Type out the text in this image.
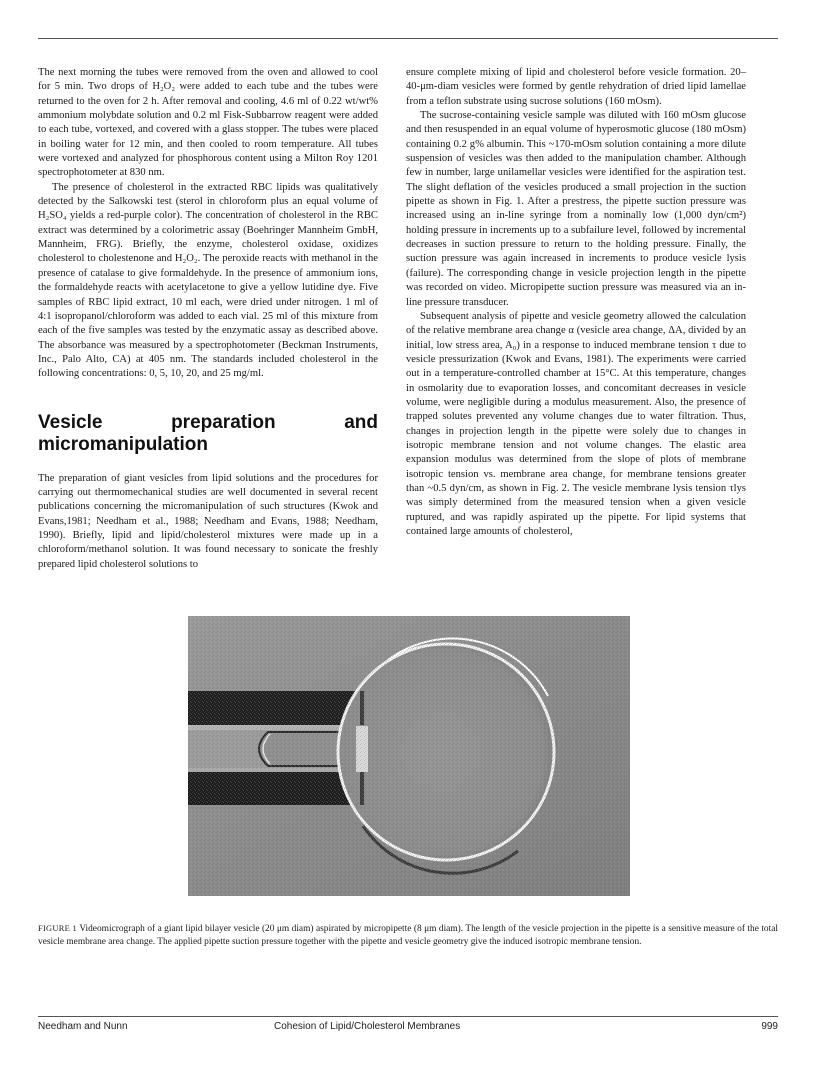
The next morning the tubes were removed from the oven and allowed to cool for 5 min. Two drops of H₂O₂ were added to each tube and the tubes were returned to the oven for 2 h. After removal and cooling, 4.6 ml of 0.22 wt/wt% ammonium molybdate solution and 0.2 ml Fisk-Subbarrow reagent were added to each tube, vortexed, and covered with a glass stopper. The tubes were placed in boiling water for 12 min, and then cooled to room temperature. All tubes were vortexed and analyzed for phosphorous content using a Milton Roy 1201 spectrophotometer at 830 nm.

The presence of cholesterol in the extracted RBC lipids was qualitatively detected by the Salkowski test (sterol in chloroform plus an equal volume of H₂SO₄ yields a red-purple color). The concentration of cholesterol in the RBC extract was determined by a colorimetric assay (Boehringer Mannheim GmbH, Mannheim, FRG). Briefly, the enzyme, cholesterol oxidase, oxidizes cholesterol to cholestenone and H₂O₂. The peroxide reacts with methanol in the presence of catalase to give formaldehyde. In the presence of ammonium ions, the formaldehyde reacts with acetylacetone to give a yellow lutidine dye. Five samples of RBC lipid extract, 10 ml each, were dried under nitrogen. 1 ml of 4:1 isopropanol/chloroform was added to each vial. 25 ml of this mixture from each of the five samples was tested by the enzymatic assay as described above. The absorbance was measured by a spectrophotometer (Beckman Instruments, Inc., Palo Alto, CA) at 405 nm. The standards included cholesterol in the following concentrations: 0, 5, 10, 20, and 25 mg/ml.

Vesicle preparation and micromanipulation

The preparation of giant vesicles from lipid solutions and the procedures for carrying out thermomechanical studies are well documented in several recent publications concerning the micromanipulation of such structures (Kwok and Evans,1981; Needham et al., 1988; Needham and Evans, 1988; Needham, 1990). Briefly, lipid and lipid/cholesterol mixtures were made up in a chloroform/methanol solution. It was found necessary to sonicate the freshly prepared lipid cholesterol solutions to

ensure complete mixing of lipid and cholesterol before vesicle formation. 20–40-μm-diam vesicles were formed by gentle rehydration of dried lipid lamellae from a teflon substrate using sucrose solutions (160 mOsm).

The sucrose-containing vesicle sample was diluted with 160 mOsm glucose and then resuspended in an equal volume of hyperosmotic glucose (180 mOsm) containing 0.2 g% albumin. This ~170-mOsm solution containing a more dilute suspension of vesicles was then added to the manipulation chamber. Although few in number, large unilamellar vesicles were identified for the aspiration test. The slight deflation of the vesicles produced a small projection in the suction pipette as shown in Fig. 1. After a prestress, the pipette suction pressure was increased using an in-line syringe from a nominally low (1,000 dyn/cm²) holding pressure in increments up to a subfailure level, followed by incremental decreases in suction pressure to return to the holding pressure. Finally, the suction pressure was again increased in increments to produce vesicle lysis (failure). The corresponding change in vesicle projection length in the pipette was recorded on video. Micropipette suction pressure was measured via an in-line pressure transducer.

Subsequent analysis of pipette and vesicle geometry allowed the calculation of the relative membrane area change α (vesicle area change, ΔA, divided by an initial, low stress area, A₀) in a response to induced membrane tension τ due to vesicle pressurization (Kwok and Evans, 1981). The experiments were carried out in a temperature-controlled chamber at 15°C. At this temperature, changes in osmolarity due to evaporation losses, and concomitant decreases in vesicle volume, were negligible during a modulus measurement. Also, the presence of trapped solutes prevented any volume changes due to water filtration. Thus, changes in projection length in the pipette were solely due to changes in isotropic membrane tension and not volume changes. The elastic area expansion modulus was determined from the slope of plots of membrane isotropic tension vs. membrane area change, for membrane tensions greater than ~0.5 dyn/cm, as shown in Fig. 2. The vesicle membrane lysis tension τlys was simply determined from the measured tension when a given vesicle ruptured, and was rapidly aspirated up the pipette. For lipid systems that contained large amounts of cholesterol,

FIGURE 1 Videomicrograph of a giant lipid bilayer vesicle (20 μm diam) aspirated by micropipette (8 μm diam). The length of the vesicle projection in the pipette is a sensitive measure of the total vesicle membrane area change. The applied pipette suction pressure together with the pipette and vesicle geometry give the induced isotropic membrane tension.
Needham and Nunn	Cohesion of Lipid/Cholesterol Membranes	999
